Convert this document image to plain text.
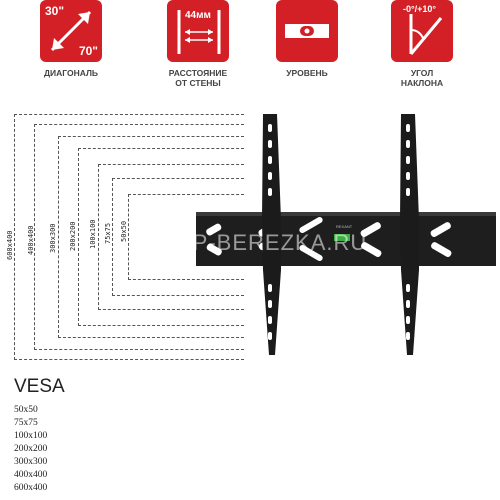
30"
70"
ДИАГОНАЛЬ
44мм
РАССТОЯНИЕ
ОТ СТЕНЫ
УРОВЕНЬ
-0°/+10°
УГОЛ
НАКЛОНА
600x400 400x400 300x300 200x200 100x100 75x75 50x50	REXANT
SHOP-BEREZKA.RU
VESA
50x50
75x75
100x100
200x200
300x300
400x400
600x400
